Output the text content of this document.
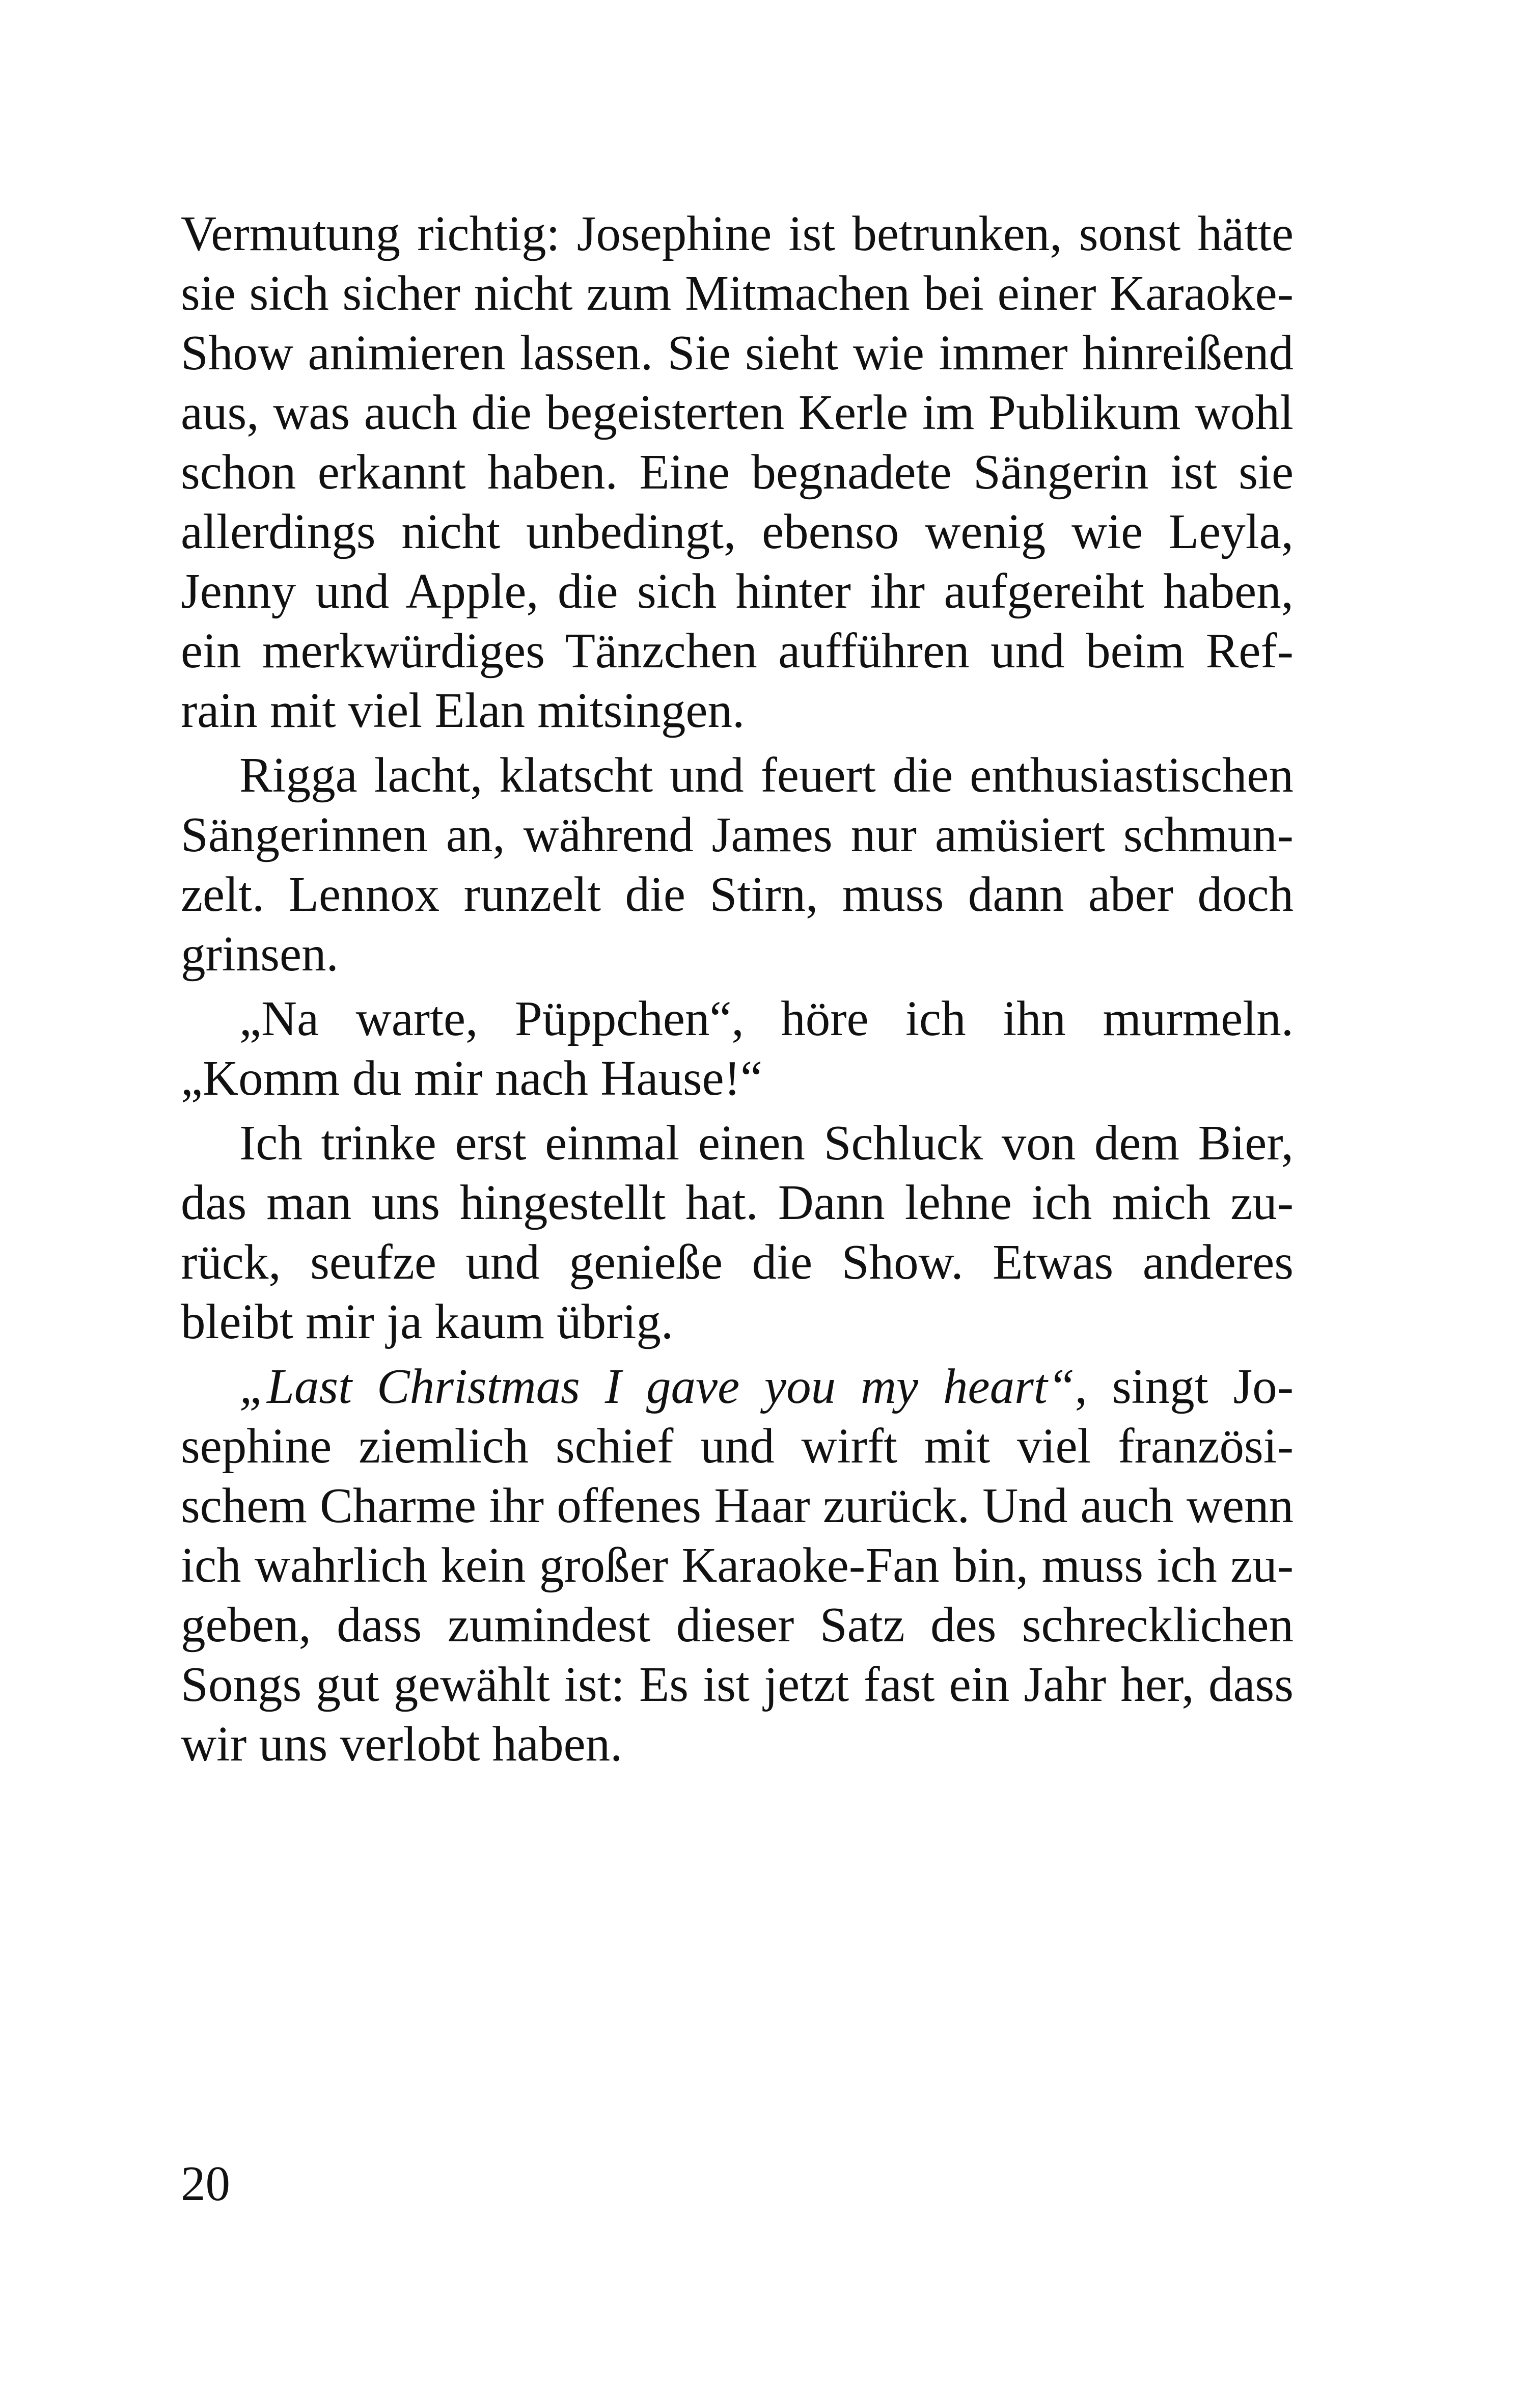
Vermutung richtig: Josephine ist betrunken, sonst hätte
sie sich sicher nicht zum Mitmachen bei einer Karaoke-
Show animieren lassen. Sie sieht wie immer hinreißend
aus, was auch die begeisterten Kerle im Publikum wohl
schon erkannt haben. Eine begnadete Sängerin ist sie
allerdings nicht unbedingt, ebenso wenig wie Leyla,
Jenny und Apple, die sich hinter ihr aufgereiht haben,
ein merkwürdiges Tänzchen aufführen und beim Ref-
rain mit viel Elan mitsingen.
Rigga lacht, klatscht und feuert die enthusiastischen
Sängerinnen an, während James nur amüsiert schmun-
zelt. Lennox runzelt die Stirn, muss dann aber doch
grinsen.
„Na warte, Püppchen“, höre ich ihn murmeln.
„Komm du mir nach Hause!“
Ich trinke erst einmal einen Schluck von dem Bier,
das man uns hingestellt hat. Dann lehne ich mich zu-
rück, seufze und genieße die Show. Etwas anderes
bleibt mir ja kaum übrig.
„Last Christmas I gave you my heart“, singt Jo-
sephine ziemlich schief und wirft mit viel französi-
schem Charme ihr offenes Haar zurück. Und auch wenn
ich wahrlich kein großer Karaoke-Fan bin, muss ich zu-
geben, dass zumindest dieser Satz des schrecklichen
Songs gut gewählt ist: Es ist jetzt fast ein Jahr her, dass
wir uns verlobt haben.
20
